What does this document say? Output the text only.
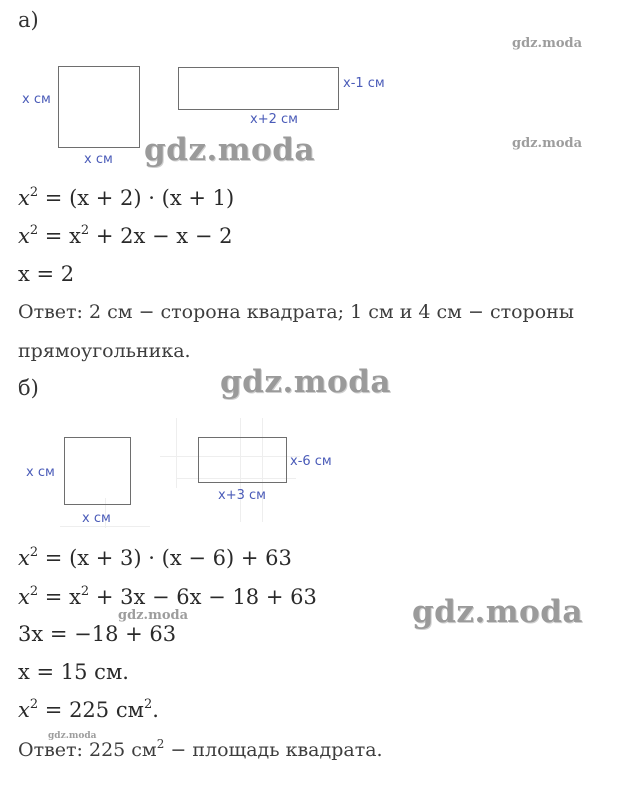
а)
gdz.moda
x см
x см
x-1 см
x+2 см
gdz.moda	gdz.moda
$x^2 = (x + 2) \cdot (x + 1)$
$x^2 = x^2 + 2x - x - 2$
x = 2
Ответ: 2 см − сторона квадрата; 1 см и 4 см − стороны
прямоугольника.
б)	gdz.moda
x см
x см
x-6 см
x+3 см
$x^2 = (x + 3) \cdot (x - 6) + 63$
$x^2 = x^2 + 3x - 6x - 18 + 63$	gdz.moda
gdz.moda
3x = −18 + 63
x = 15 см.
$x^2 = 225$ $см^2$.
gdz.moda
Ответ: 225 $см^2$ − площадь квадрата.
